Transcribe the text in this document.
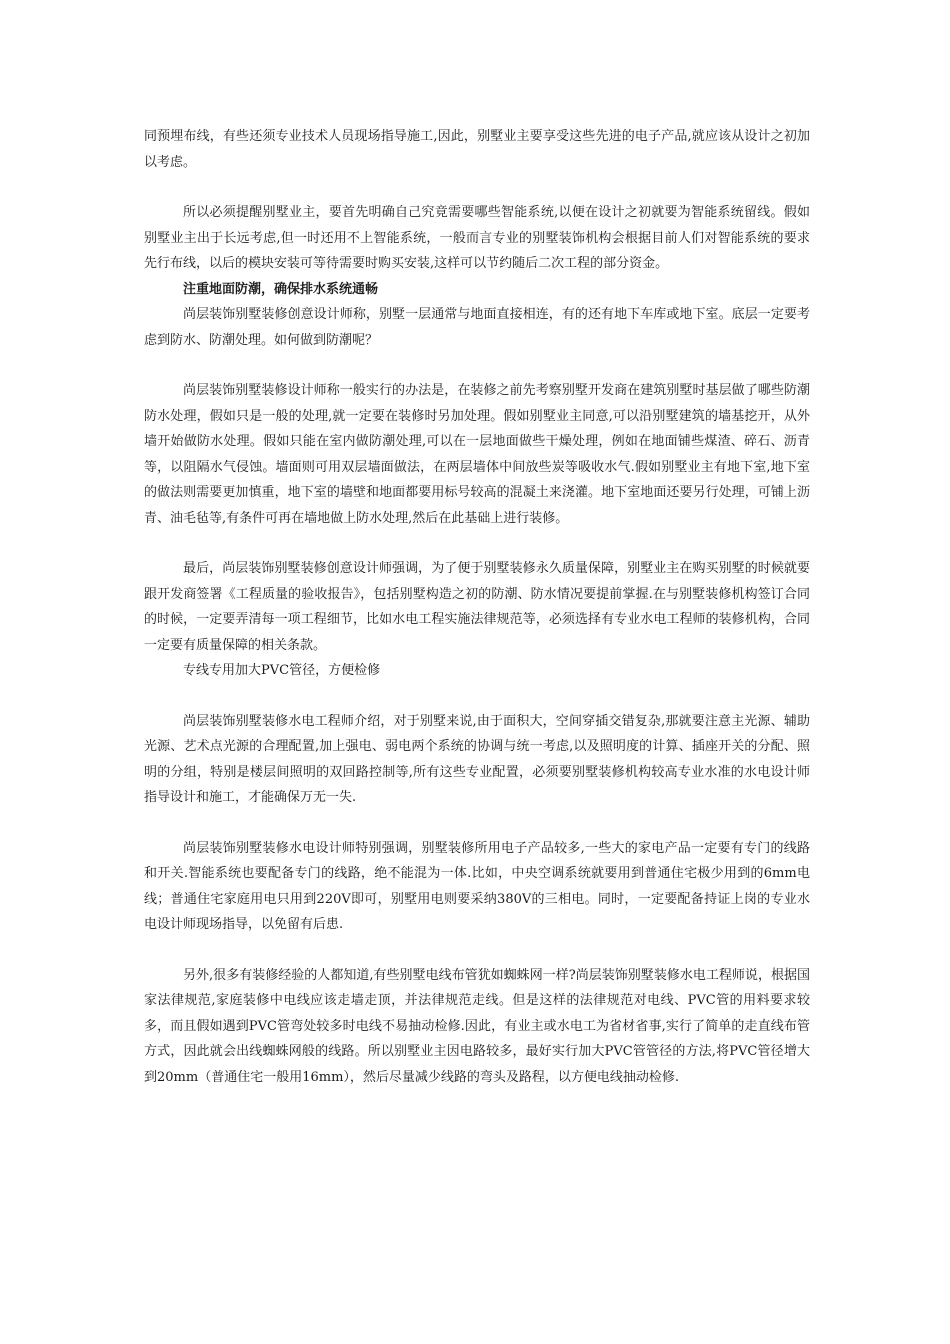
同预埋布线，有些还须专业技术人员现场指导施工,因此，别墅业主要享受这些先进的电子产品,就应该从设计之初加以考虑。

所以必须提醒别墅业主，要首先明确自己究竟需要哪些智能系统,以便在设计之初就要为智能系统留线。假如别墅业主出于长远考虑,但一时还用不上智能系统，一般而言专业的别墅装饰机构会根据目前人们对智能系统的要求先行布线，以后的模块安装可等待需要时购买安装,这样可以节约随后二次工程的部分资金。

注重地面防潮，确保排水系统通畅

尚层装饰别墅装修创意设计师称，别墅一层通常与地面直接相连，有的还有地下车库或地下室。底层一定要考虑到防水、防潮处理。如何做到防潮呢？

尚层装饰别墅装修设计师称一般实行的办法是，在装修之前先考察别墅开发商在建筑别墅时基层做了哪些防潮防水处理，假如只是一般的处理,就一定要在装修时另加处理。假如别墅业主同意,可以沿别墅建筑的墙基挖开，从外墙开始做防水处理。假如只能在室内做防潮处理,可以在一层地面做些干燥处理，例如在地面铺些煤渣、碎石、沥青等，以阻隔水气侵蚀。墙面则可用双层墙面做法，在两层墙体中间放些炭等吸收水气.假如别墅业主有地下室,地下室的做法则需要更加慎重，地下室的墙壁和地面都要用标号较高的混凝土来浇灌。地下室地面还要另行处理，可铺上沥青、油毛毡等,有条件可再在墙地做上防水处理,然后在此基础上进行装修。

最后，尚层装饰别墅装修创意设计师强调，为了便于别墅装修永久质量保障，别墅业主在购买别墅的时候就要跟开发商签署《工程质量的验收报告》，包括别墅构造之初的防潮、防水情况要提前掌握.在与别墅装修机构签订合同的时候，一定要弄清每一项工程细节，比如水电工程实施法律规范等，必须选择有专业水电工程师的装修机构，合同一定要有质量保障的相关条款。

专线专用加大PVC管径，方便检修

尚层装饰别墅装修水电工程师介绍，对于别墅来说,由于面积大，空间穿插交错复杂,那就要注意主光源、辅助光源、艺术点光源的合理配置,加上强电、弱电两个系统的协调与统一考虑,以及照明度的计算、插座开关的分配、照明的分组，特别是楼层间照明的双回路控制等,所有这些专业配置，必须要别墅装修机构较高专业水准的水电设计师指导设计和施工，才能确保万无一失.

尚层装饰别墅装修水电设计师特别强调，别墅装修所用电子产品较多,一些大的家电产品一定要有专门的线路和开关.智能系统也要配备专门的线路，绝不能混为一体.比如，中央空调系统就要用到普通住宅极少用到的6mm电线；普通住宅家庭用电只用到220V即可，别墅用电则要采纳380V的三相电。同时，一定要配备持证上岗的专业水电设计师现场指导，以免留有后患.

另外,很多有装修经验的人都知道,有些别墅电线布管犹如蜘蛛网一样?尚层装饰别墅装修水电工程师说，根据国家法律规范,家庭装修中电线应该走墙走顶，并法律规范走线。但是这样的法律规范对电线、PVC管的用料要求较多，而且假如遇到PVC管弯处较多时电线不易抽动检修.因此，有业主或水电工为省材省事,实行了简单的走直线布管方式，因此就会出线蜘蛛网般的线路。所以别墅业主因电路较多，最好实行加大PVC管管径的方法,将PVC管径增大到20mm（普通住宅一般用16mm），然后尽量减少线路的弯头及路程，以方便电线抽动检修.
